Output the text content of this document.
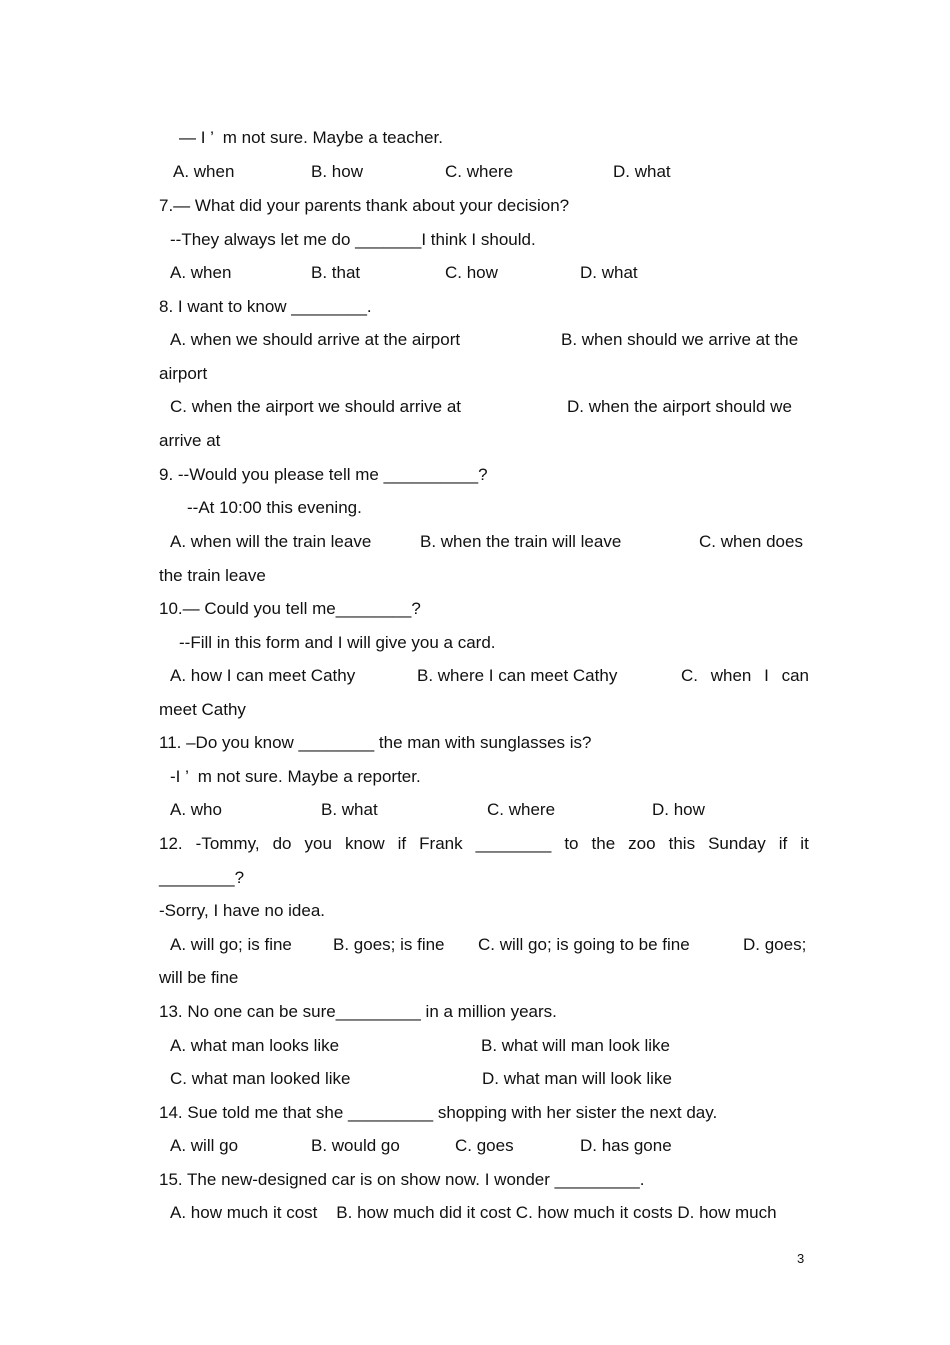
— I ’  m not sure. Maybe a teacher.
A. when	B. how	C. where	D. what
7.— What did your parents thank about your decision?
--They always let me do _______I think I should.
A. when	B. that	C. how	D. what
8. I want to know ________.
A. when we should arrive at the airport	B. when should we arrive at the
airport
C. when the airport we should arrive at	D. when the airport should we
arrive at
9. --Would you please tell me __________?
--At 10:00 this evening.
A. when will the train leave	B. when the train will leave	C. when does
the train leave
10.— Could you tell me________?
--Fill in this form and I will give you a card.
A. how I can meet Cathy	B. where I can meet Cathy	C. when I can
meet Cathy
11. –Do you know ________ the man with sunglasses is?
-I ’  m not sure. Maybe a reporter.
A. who	B. what	C. where	D. how
12. -Tommy, do you know if Frank ________ to the zoo this Sunday if it
________?
-Sorry, I have no idea.
A. will go; is fine B. goes; is fine C. will go; is going to be fine	D. goes;
will be fine
13. No one can be sure_________ in a million years.
A. what man looks like	B. what will man look like
C. what man looked like	D. what man will look like
14. Sue told me that she _________ shopping with her sister the next day.
A. will go	B. would go	C. goes	D. has gone
15. The new-designed car is on show now. I wonder _________.
A. how much it cost    B. how much did it cost C. how much it costs D. how much
3
